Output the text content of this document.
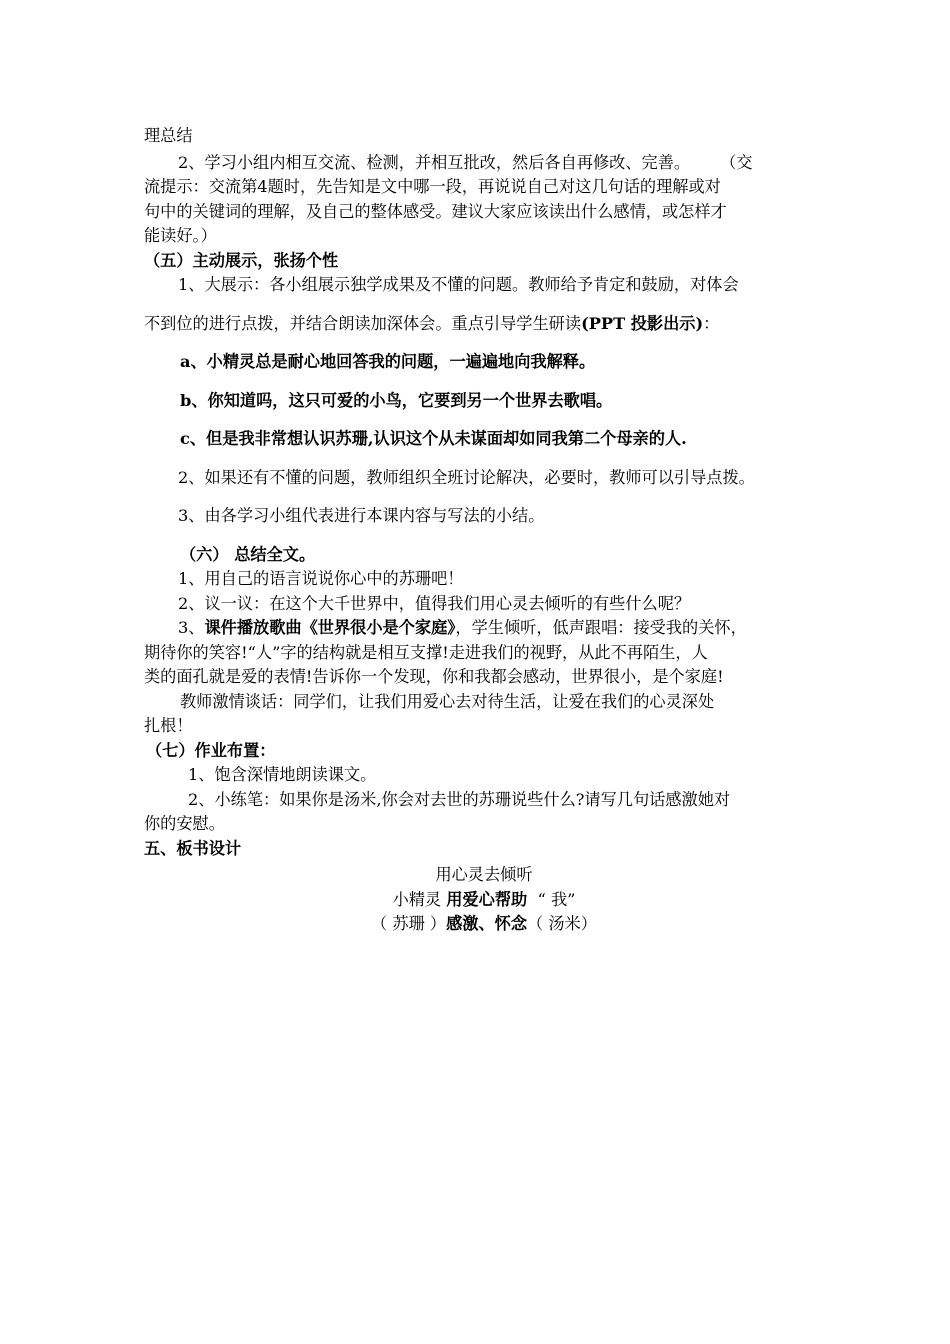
理总结
2、学习小组内相互交流、检测，并相互批改，然后各自再修改、完善。 （交
流提示：交流第4题时，先告知是文中哪一段，再说说自己对这几句话的理解或对
句中的关键词的理解，及自己的整体感受。建议大家应该读出什么感情，或怎样才
能读好。）
（五）主动展示，张扬个性
1、大展示：各小组展示独学成果及不懂的问题。教师给予肯定和鼓励，对体会
不到位的进行点拨，并结合朗读加深体会。重点引导学生研读(PPT 投影出示)：
a、小精灵总是耐心地回答我的问题，一遍遍地向我解释。
b、你知道吗，这只可爱的小鸟，它要到另一个世界去歌唱。
c、但是我非常想认识苏珊,认识这个从未谋面却如同我第二个母亲的人.
2、如果还有不懂的问题，教师组织全班讨论解决，必要时，教师可以引导点拨。
3、由各学习小组代表进行本课内容与写法的小结。
（六） 总结全文。
1、用自己的语言说说你心中的苏珊吧！
2、议一议：在这个大千世界中，值得我们用心灵去倾听的有些什么呢？
3、课件播放歌曲《世界很小是个家庭》，学生倾听，低声跟唱：接受我的关怀，
期待你的笑容!“人”字的结构就是相互支撑!走进我们的视野，从此不再陌生，人
类的面孔就是爱的表情!告诉你一个发现，你和我都会感动，世界很小，是个家庭!
教师激情谈话：同学们，让我们用爱心去对待生活，让爱在我们的心灵深处
扎根！
（七）作业布置：
1、饱含深情地朗读课文。
2、小练笔：如果你是汤米,你会对去世的苏珊说些什么?请写几句话感激她对
你的安慰。
五、板书设计
用心灵去倾听
小精灵 用爱心帮助 “ 我”
（ 苏珊 ）感激、怀念（ 汤米）
